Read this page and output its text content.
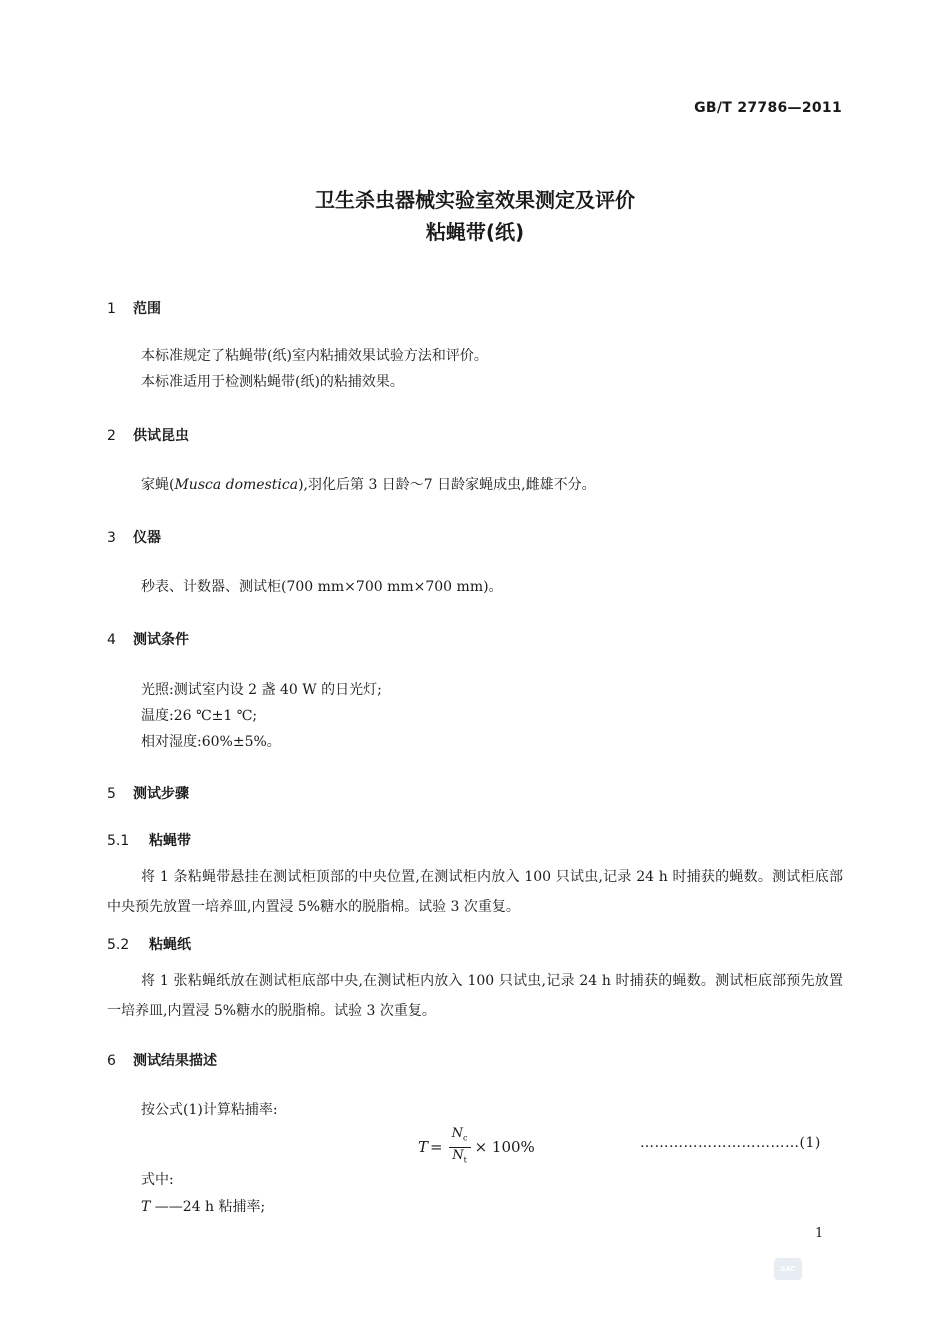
GB/T 27786—2011
卫生杀虫器械实验室效果测定及评价
粘蝇带(纸)
1 范围
本标准规定了粘蝇带(纸)室内粘捕效果试验方法和评价。
本标准适用于检测粘蝇带(纸)的粘捕效果。
2 供试昆虫
家蝇(Musca domestica),羽化后第 3 日龄～7 日龄家蝇成虫,雌雄不分。
3 仪器
秒表、计数器、测试柜(700 mm×700 mm×700 mm)。
4 测试条件
光照:测试室内设 2 盏 40 W 的日光灯;
温度:26 ℃±1 ℃;
相对湿度:60%±5%。
5 测试步骤
5.1 粘蝇带
将 1 条粘蝇带悬挂在测试柜顶部的中央位置,在测试柜内放入 100 只试虫,记录 24 h 时捕获的蝇数。测试柜底部中央预先放置一培养皿,内置浸 5%糖水的脱脂棉。试验 3 次重复。
5.2 粘蝇纸
将 1 张粘蝇纸放在测试柜底部中央,在测试柜内放入 100 只试虫,记录 24 h 时捕获的蝇数。测试柜底部预先放置一培养皿,内置浸 5%糖水的脱脂棉。试验 3 次重复。
6 测试结果描述
按公式(1)计算粘捕率:
$T = \frac{N_c}{N_t} \times 100\%$	……………………………(1)
式中:
T ——24 h 粘捕率;
1
SAC
